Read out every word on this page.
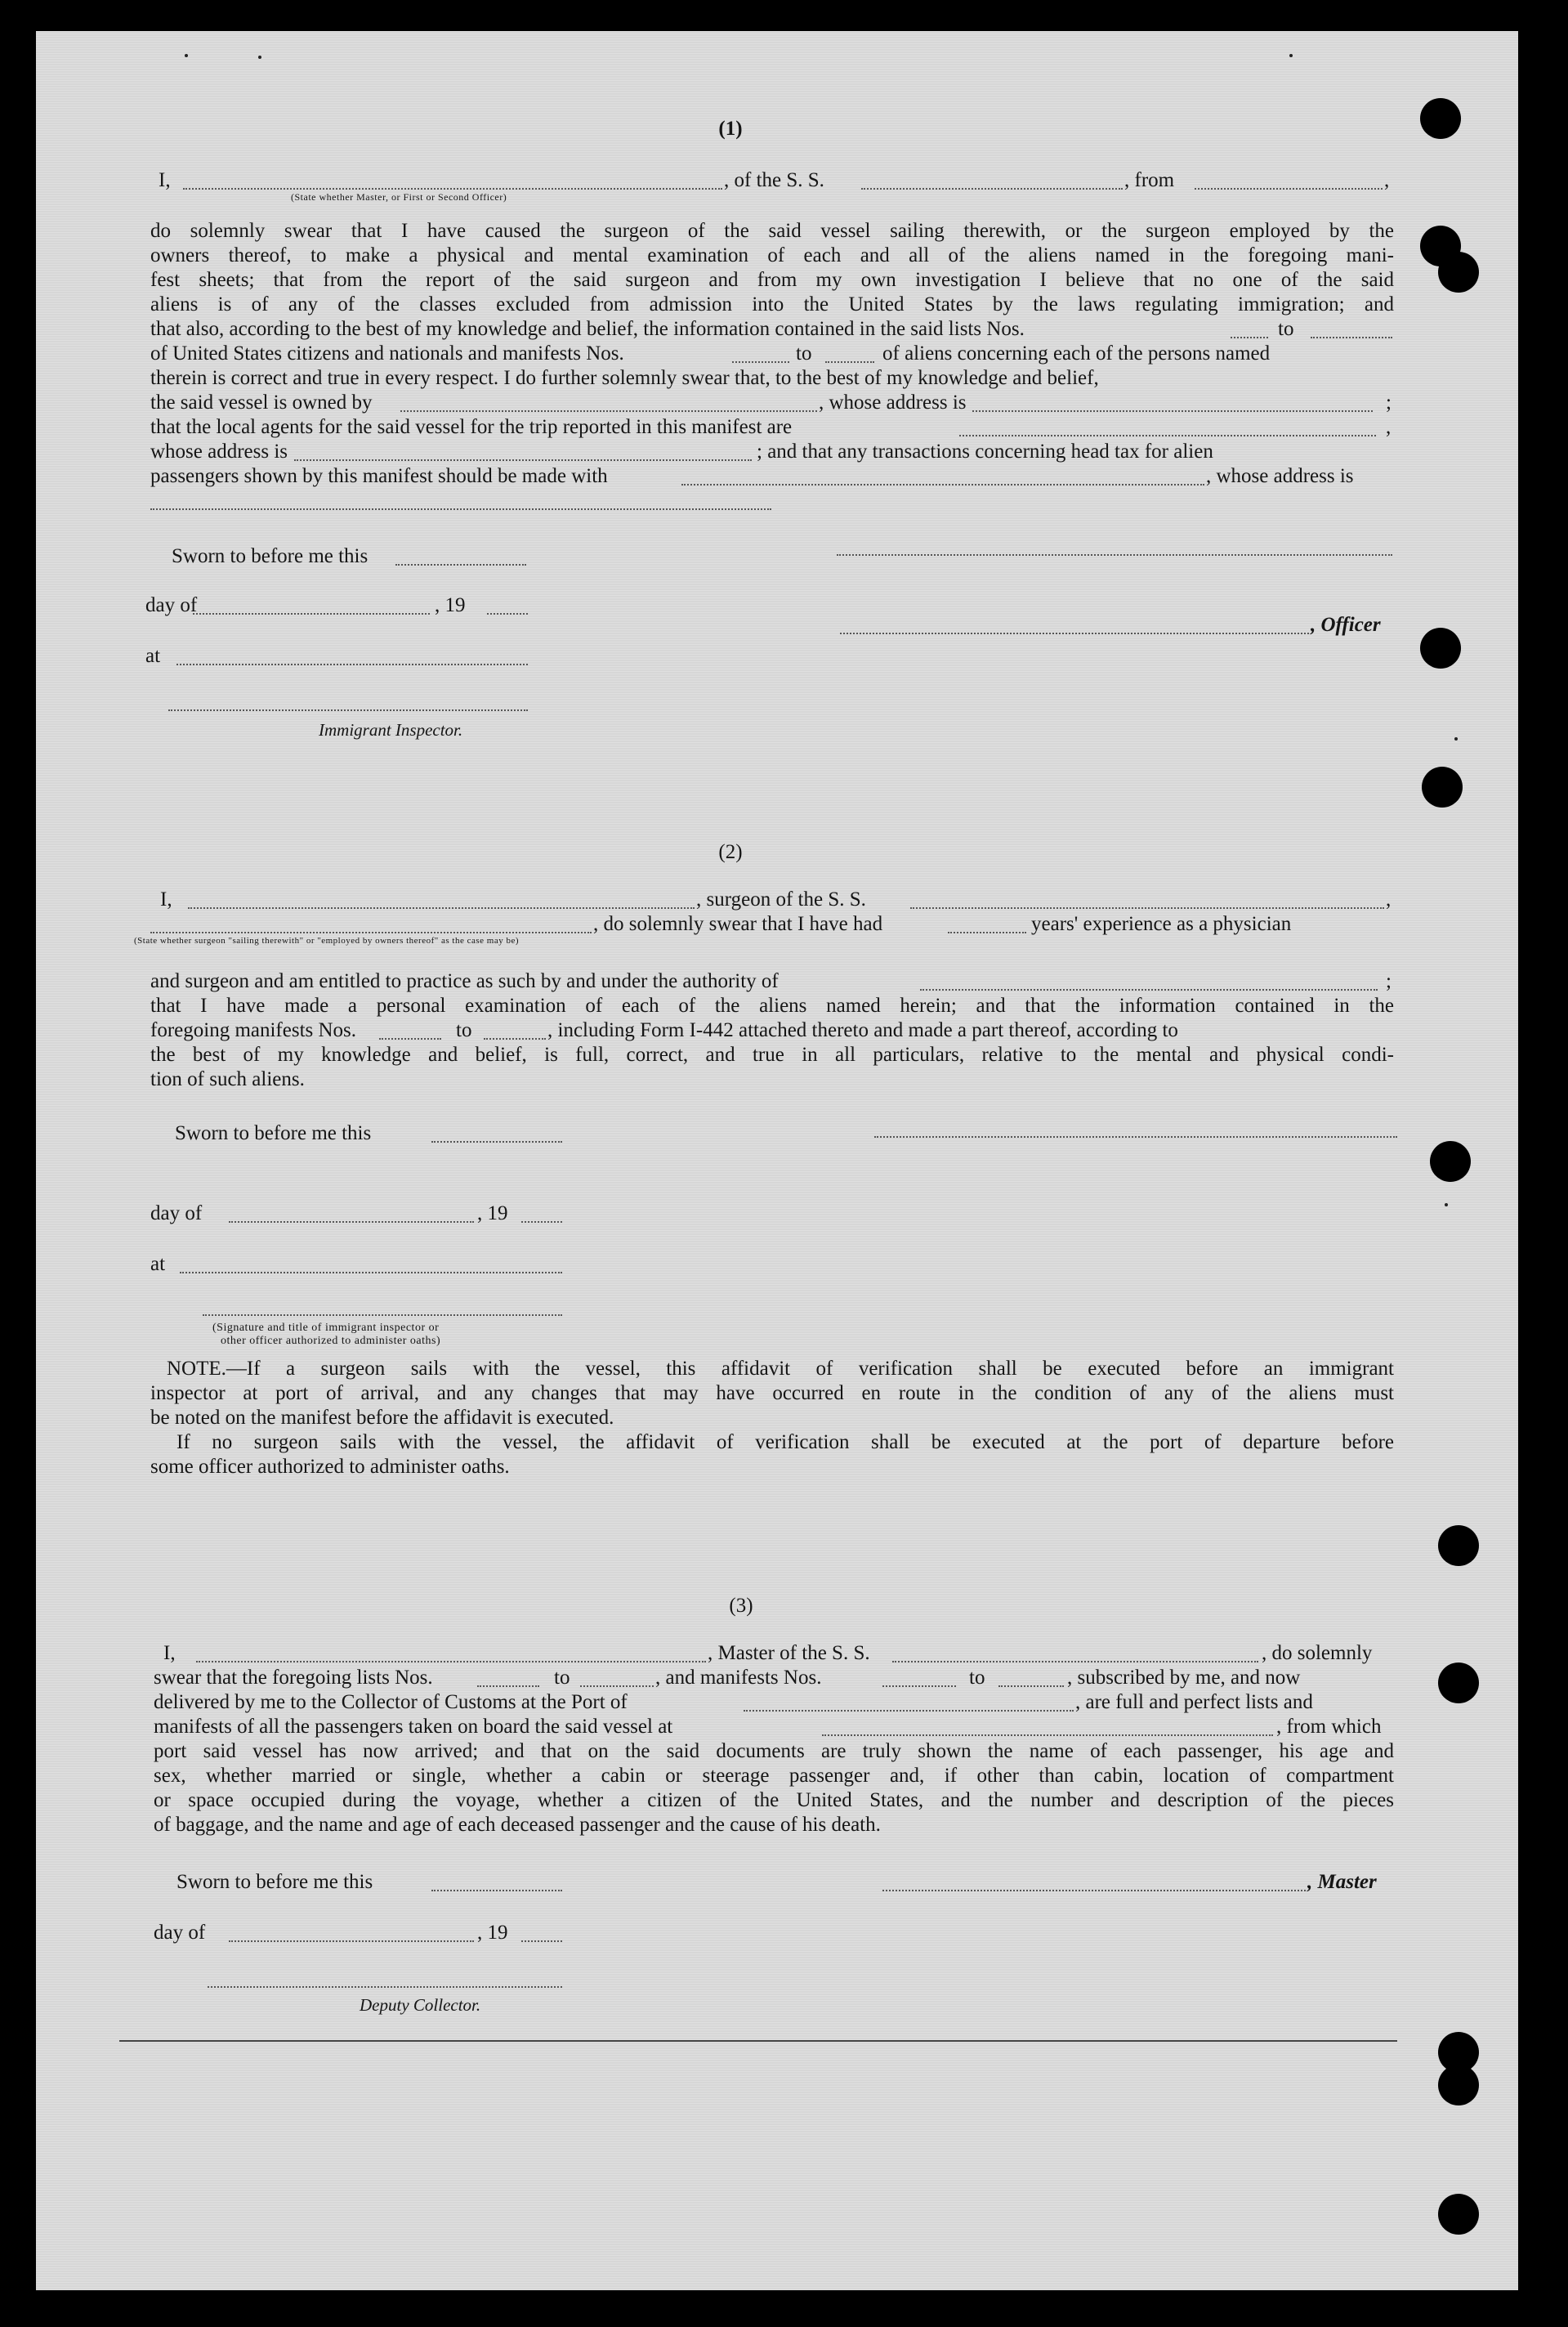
(1)
I,	, of the S. S.	, from	,
(State whether Master, or First or Second Officer)
do solemnly swear that I have caused the surgeon of the said vessel sailing therewith, or the surgeon employed by the
owners thereof, to make a physical and mental examination of each and all of the aliens named in the foregoing mani-
fest sheets; that from the report of the said surgeon and from my own investigation I believe that no one of the said
aliens is of any of the classes excluded from admission into the United States by the laws regulating immigration; and
that also, according to the best of my knowledge and belief, the information contained in the said lists Nos.	to
of United States citizens and nationals and manifests Nos.	to	of aliens concerning each of the persons named
therein is correct and true in every respect. I do further solemnly swear that, to the best of my knowledge and belief,
the said vessel is owned by	, whose address is	;
that the local agents for the said vessel for the trip reported in this manifest are	,
whose address is	; and that any transactions concerning head tax for alien
passengers shown by this manifest should be made with	, whose address is
Sworn to before me this
day of	, 19
, Officer
at
Immigrant Inspector.
(2)
I,	, surgeon of the S. S.	,
, do solemnly swear that I have had	years' experience as a physician
(State whether surgeon "sailing therewith" or "employed by owners thereof" as the case may be)
and surgeon and am entitled to practice as such by and under the authority of	;
that I have made a personal examination of each of the aliens named herein; and that the information contained in the
foregoing manifests Nos.	to	, including Form I-442 attached thereto and made a part thereof, according to
the best of my knowledge and belief, is full, correct, and true in all particulars, relative to the mental and physical condi-
tion of such aliens.
Sworn to before me this
day of	, 19
at
(Signature and title of immigrant inspector or
other officer authorized to administer oaths)
NOTE.—If a surgeon sails with the vessel, this affidavit of verification shall be executed before an immigrant
inspector at port of arrival, and any changes that may have occurred en route in the condition of any of the aliens must
be noted on the manifest before the affidavit is executed.
If no surgeon sails with the vessel, the affidavit of verification shall be executed at the port of departure before
some officer authorized to administer oaths.
(3)
I,	, Master of the S. S.	, do solemnly
swear that the foregoing lists Nos.	to	, and manifests Nos.	to	, subscribed by me, and now
delivered by me to the Collector of Customs at the Port of	, are full and perfect lists and
manifests of all the passengers taken on board the said vessel at	, from which
port said vessel has now arrived; and that on the said documents are truly shown the name of each passenger, his age and
sex, whether married or single, whether a cabin or steerage passenger and, if other than cabin, location of compartment
or space occupied during the voyage, whether a citizen of the United States, and the number and description of the pieces
of baggage, and the name and age of each deceased passenger and the cause of his death.
Sworn to before me this	, Master
day of	, 19
Deputy Collector.
